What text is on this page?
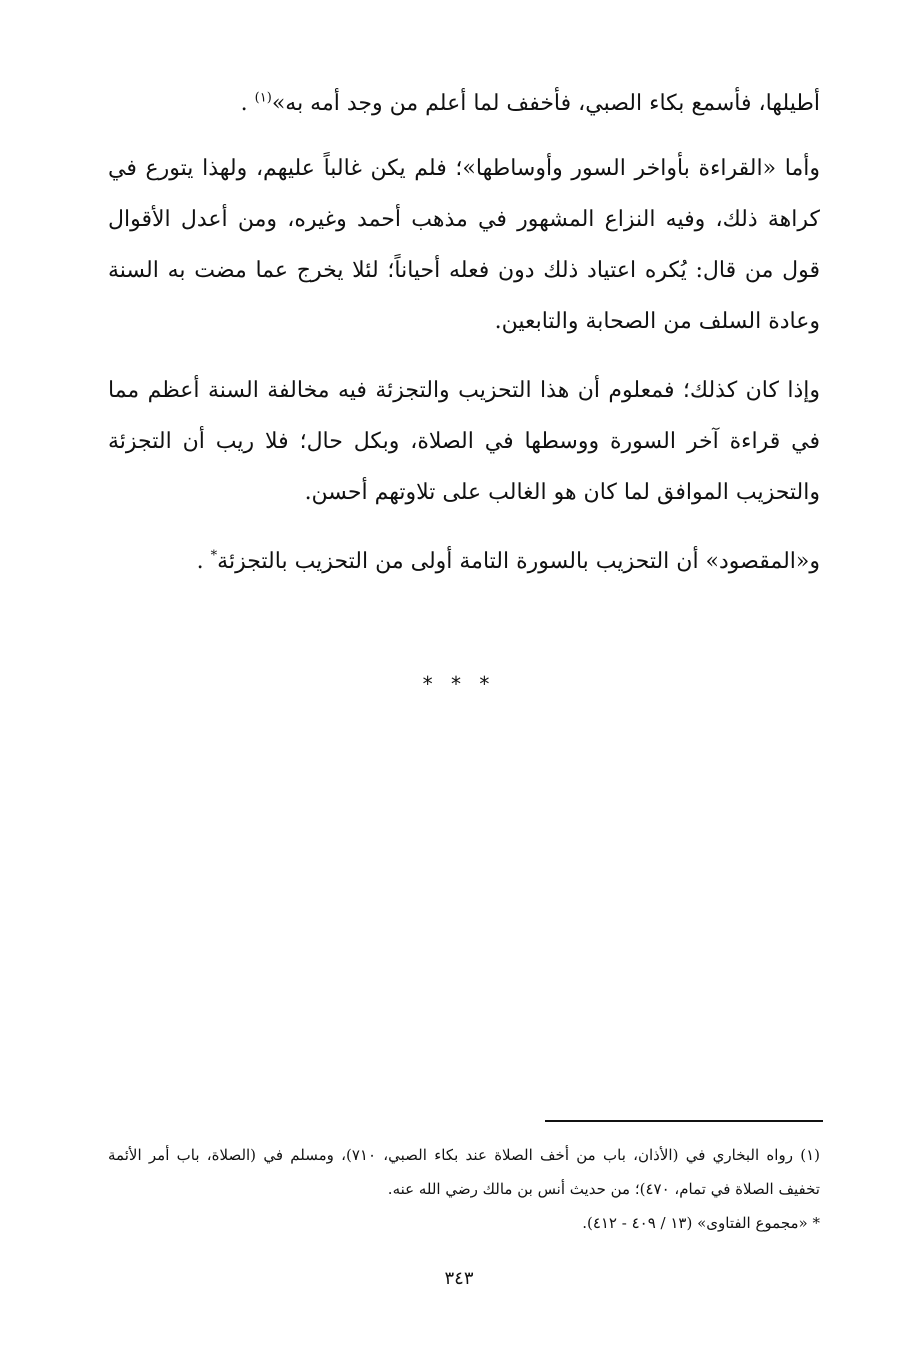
أطيلها، فأسمع بكاء الصبي، فأخفف لما أعلم من وجد أمه به»$^{(١)}$ .

وأما «القراءة بأواخر السور وأوساطها»؛ فلم يكن غالباً عليهم، ولهذا يتورع في كراهة ذلك، وفيه النزاع المشهور في مذهب أحمد وغيره، ومن أعدل الأقوال قول من قال: يُكره اعتياد ذلك دون فعله أحياناً؛ لئلا يخرج عما مضت به السنة وعادة السلف من الصحابة والتابعين.

وإذا كان كذلك؛ فمعلوم أن هذا التحزيب والتجزئة فيه مخالفة السنة أعظم مما في قراءة آخر السورة ووسطها في الصلاة، وبكل حال؛ فلا ريب أن التجزئة والتحزيب الموافق لما كان هو الغالب على تلاوتهم أحسن.

و«المقصود» أن التحزيب بالسورة التامة أولى من التحزيب بالتجزئة* .

* * *

(١) رواه البخاري في (الأذان، باب من أخف الصلاة عند بكاء الصبي، ٧١٠)، ومسلم في (الصلاة، باب أمر الأئمة تخفيف الصلاة في تمام، ٤٧٠)؛ من حديث أنس بن مالك رضي الله عنه.

* «مجموع الفتاوى» (١٣ / ٤٠٩ - ٤١٢).

٣٤٣
